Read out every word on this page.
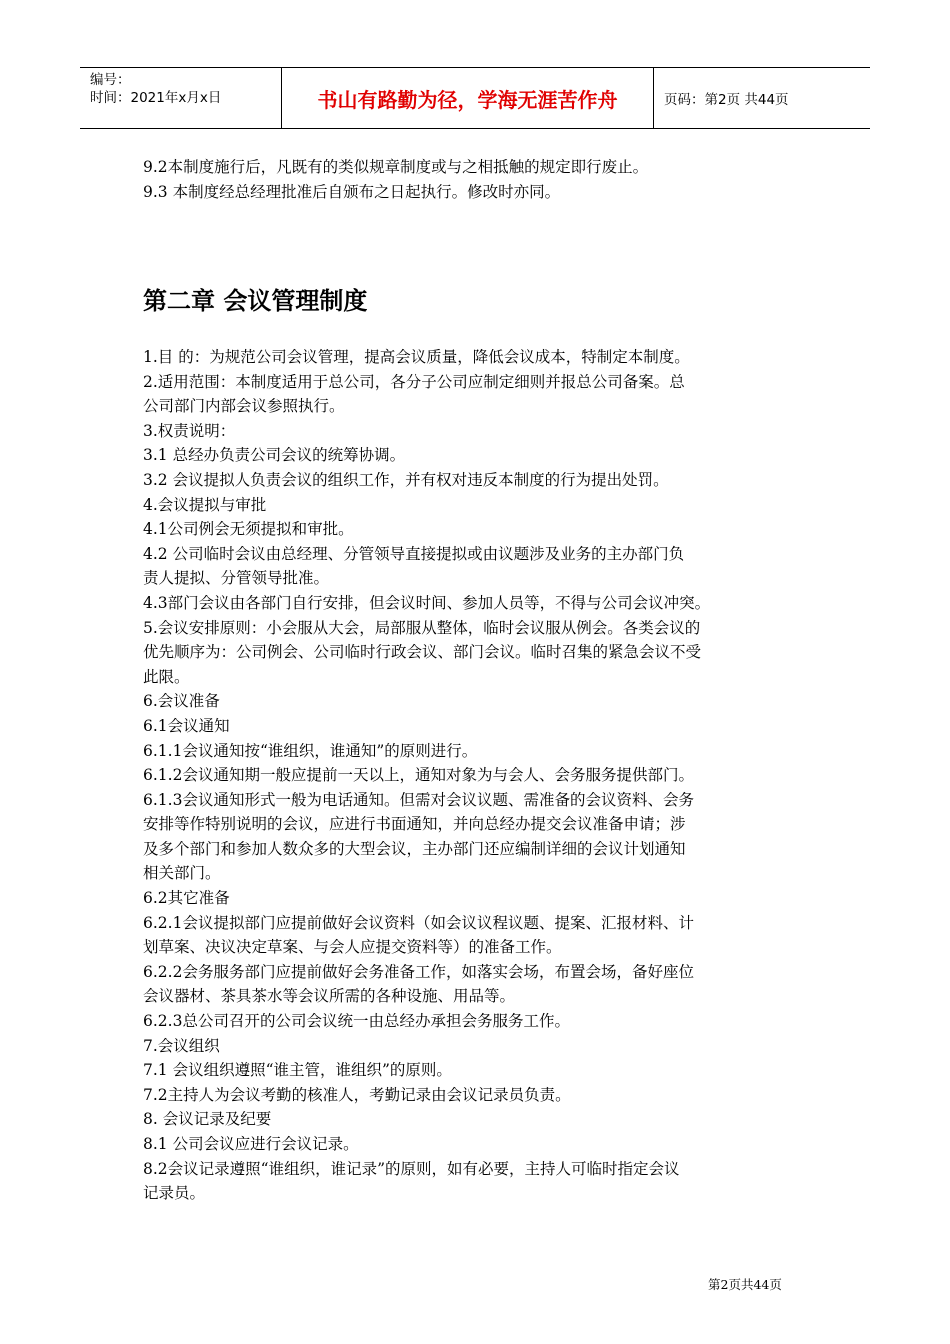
编号：
时间：2021年x月x日	书山有路勤为径，学海无涯苦作舟	页码：第2页 共44页

9.2本制度施行后，凡既有的类似规章制度或与之相抵触的规定即行废止。

9.3 本制度经总经理批准后自颁布之日起执行。修改时亦同。

第二章 会议管理制度

1.目 的：为规范公司会议管理，提高会议质量，降低会议成本，特制定本制度。

2.适用范围：本制度适用于总公司，各分子公司应制定细则并报总公司备案。总

公司部门内部会议参照执行。

3.权责说明：

3.1 总经办负责公司会议的统筹协调。

3.2 会议提拟人负责会议的组织工作，并有权对违反本制度的行为提出处罚。

4.会议提拟与审批

4.1公司例会无须提拟和审批。

4.2 公司临时会议由总经理、分管领导直接提拟或由议题涉及业务的主办部门负

责人提拟、分管领导批准。

4.3部门会议由各部门自行安排，但会议时间、参加人员等，不得与公司会议冲突。

5.会议安排原则：小会服从大会，局部服从整体，临时会议服从例会。各类会议的

优先顺序为：公司例会、公司临时行政会议、部门会议。临时召集的紧急会议不受

此限。

6.会议准备

6.1会议通知

6.1.1会议通知按“谁组织，谁通知”的原则进行。

6.1.2会议通知期一般应提前一天以上，通知对象为与会人、会务服务提供部门。

6.1.3会议通知形式一般为电话通知。但需对会议议题、需准备的会议资料、会务

安排等作特别说明的会议，应进行书面通知，并向总经办提交会议准备申请；涉

及多个部门和参加人数众多的大型会议，主办部门还应编制详细的会议计划通知

相关部门。

6.2其它准备

6.2.1会议提拟部门应提前做好会议资料（如会议议程议题、提案、汇报材料、计

划草案、决议决定草案、与会人应提交资料等）的准备工作。

6.2.2会务服务部门应提前做好会务准备工作，如落实会场，布置会场，备好座位

会议器材、茶具茶水等会议所需的各种设施、用品等。

6.2.3总公司召开的公司会议统一由总经办承担会务服务工作。

7.会议组织

7.1 会议组织遵照“谁主管，谁组织”的原则。

7.2主持人为会议考勤的核准人，考勤记录由会议记录员负责。

8. 会议记录及纪要

8.1 公司会议应进行会议记录。

8.2会议记录遵照“谁组织，谁记录”的原则，如有必要，主持人可临时指定会议

记录员。

第2页共44页
